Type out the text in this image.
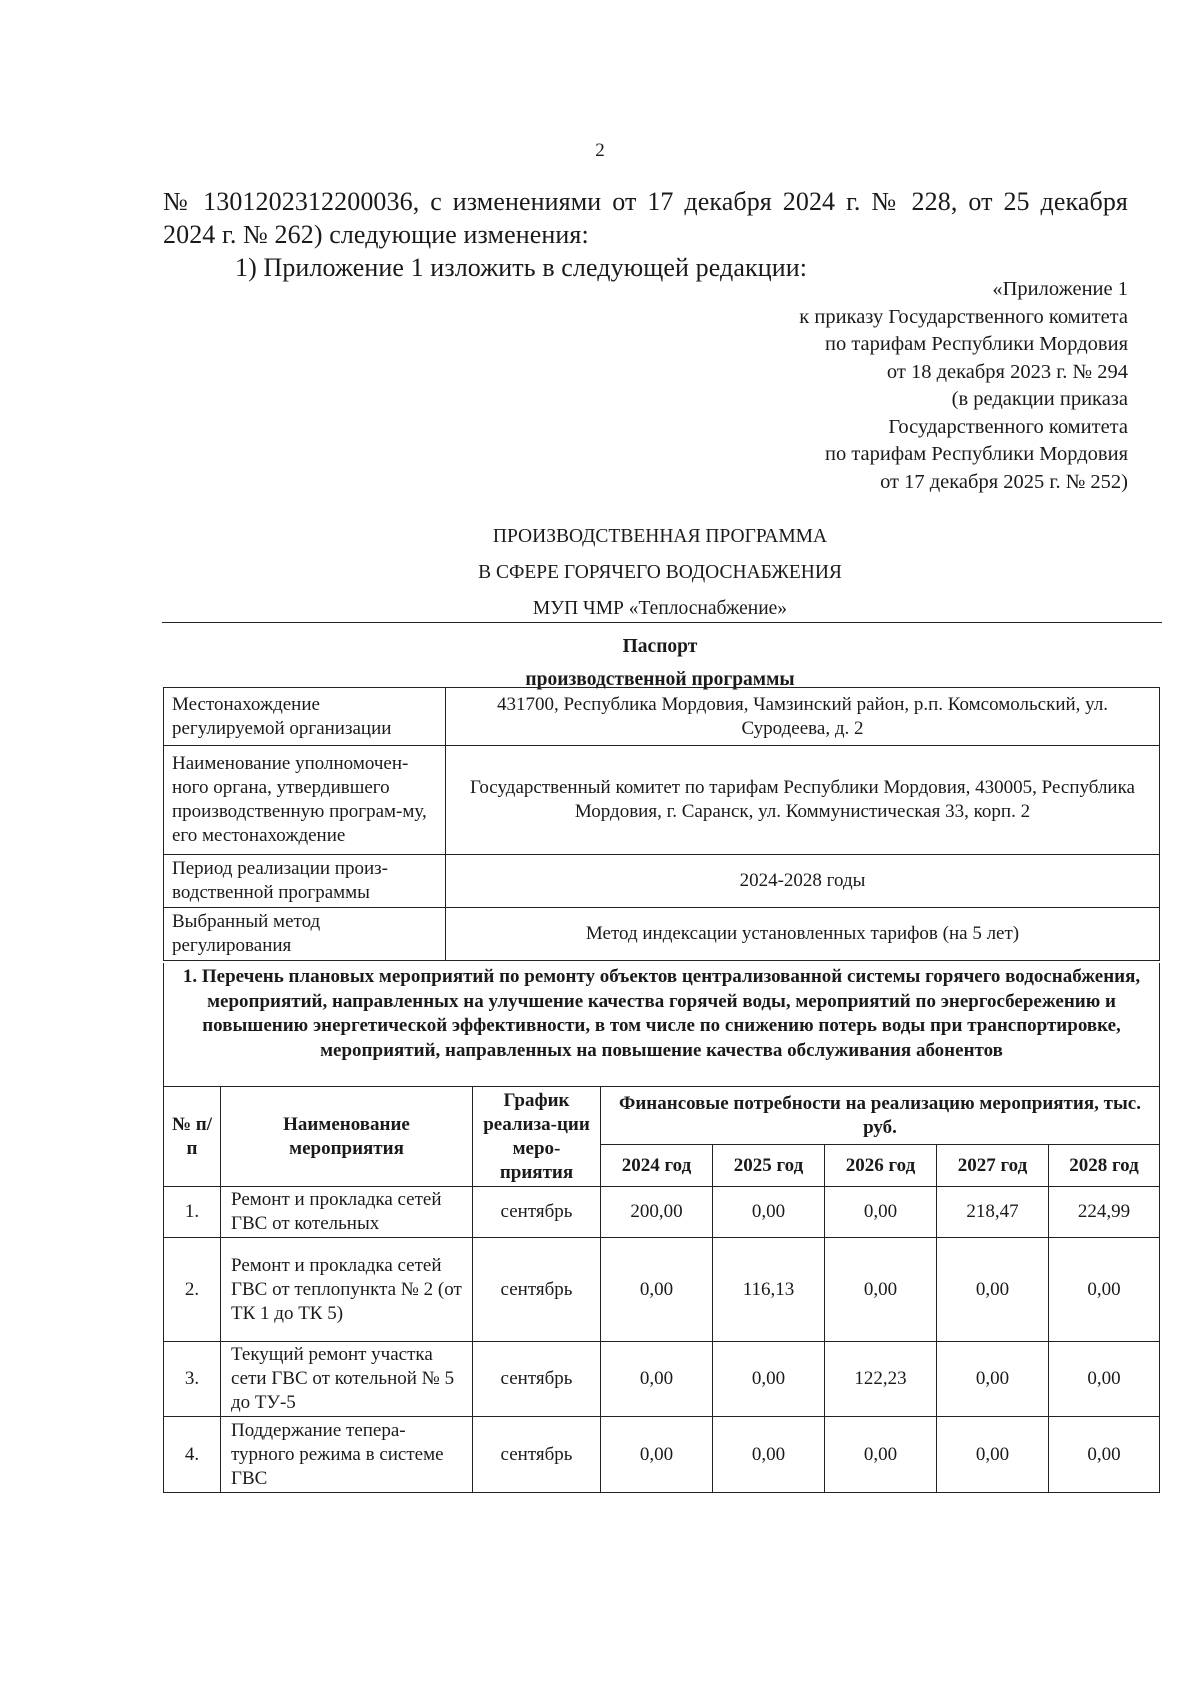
2
№ 1301202312200036, с изменениями от 17 декабря 2024 г. № 228, от 25 декабря
2024 г. № 262) следующие изменения:
1) Приложение 1 изложить в следующей редакции:
«Приложение 1
к приказу Государственного комитета
по тарифам Республики Мордовия
от 18 декабря 2023 г. № 294
(в редакции приказа
Государственного комитета
по тарифам Республики Мордовия
от 17 декабря 2025 г. № 252)
ПРОИЗВОДСТВЕННАЯ ПРОГРАММА
В СФЕРЕ ГОРЯЧЕГО ВОДОСНАБЖЕНИЯ
МУП ЧМР «Теплоснабжение»
Паспорт
производственной программы
Местонахождение регулируемой организации	431700, Республика Мордовия, Чамзинский район, р.п. Комсомольский, ул. Суродеева, д. 2
Наименование уполномочен-ного органа, утвердившего производственную програм-му, его местонахождение	Государственный комитет по тарифам Республики Мордовия, 430005, Республика Мордовия, г. Саранск, ул. Коммунистическая 33, корп. 2
Период реализации произ-водственной программы	2024-2028 годы
Выбранный метод регулирования	Метод индексации установленных тарифов (на 5 лет)
1. Перечень плановых мероприятий по ремонту объектов централизованной системы горячего водоснабжения, мероприятий, направленных на улучшение качества горячей воды, мероприятий по энергосбережению и повышению энергетической эффективности, в том числе по снижению потерь воды при транспортировке, мероприятий, направленных на повышение качества обслуживания абонентов
№ п/п	Наименование мероприятия	График реализа-ции меро-приятия	Финансовые потребности на реализацию мероприятия, тыс. руб.				
			2024 год	2025 год	2026 год	2027 год	2028 год
1.	Ремонт и прокладка сетей ГВС от котельных	сентябрь	200,00	0,00	0,00	218,47	224,99
2.	Ремонт и прокладка сетей ГВС от теплопункта № 2 (от ТК 1 до ТК 5)	сентябрь	0,00	116,13	0,00	0,00	0,00
3.	Текущий ремонт участка сети ГВС от котельной № 5 до ТУ-5	сентябрь	0,00	0,00	122,23	0,00	0,00
4.	Поддержание тепера-турного режима в системе ГВС	сентябрь	0,00	0,00	0,00	0,00	0,00
